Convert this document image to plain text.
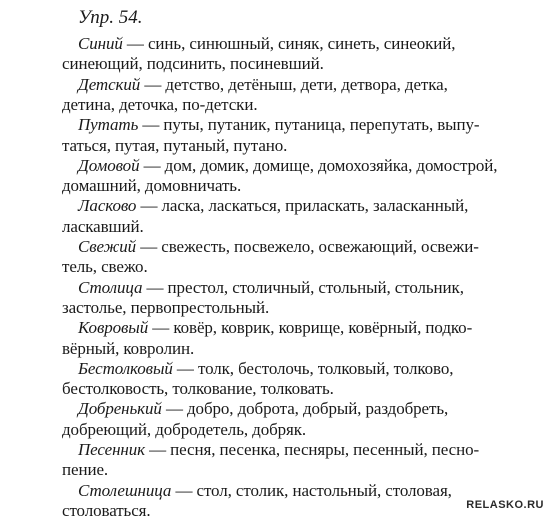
Упр. 54.
Синий — синь, синюшный, синяк, синеть, синеокий,
синеющий, подсинить, посиневший.
Детский — детство, детёныш, дети, детвора, детка,
детина, деточка, по-детски.
Путать — путы, путаник, путаница, перепутать, выпу-
таться, путая, путаный, путано.
Домовой — дом, домик, домище, домохозяйка, домострой,
домашний, домовничать.
Ласково — ласка, ласкаться, приласкать, заласканный,
ласкавший.
Свежий — свежесть, посвежело, освежающий, освежи-
тель, свежо.
Столица — престол, столичный, стольный, стольник,
застолье, первопрестольный.
Ковровый — ковёр, коврик, коврище, ковёрный, подко-
вёрный, ковролин.
Бестолковый — толк, бестолочь, толковый, толково,
бестолковость, толкование, толковать.
Добренький — добро, доброта, добрый, раздобреть,
добреющий, добродетель, добряк.
Песенник — песня, песенка, песняры, песенный, песно-
пение.
Столешница — стол, столик, настольный, столовая,
столоваться.	RELASKO.RU
